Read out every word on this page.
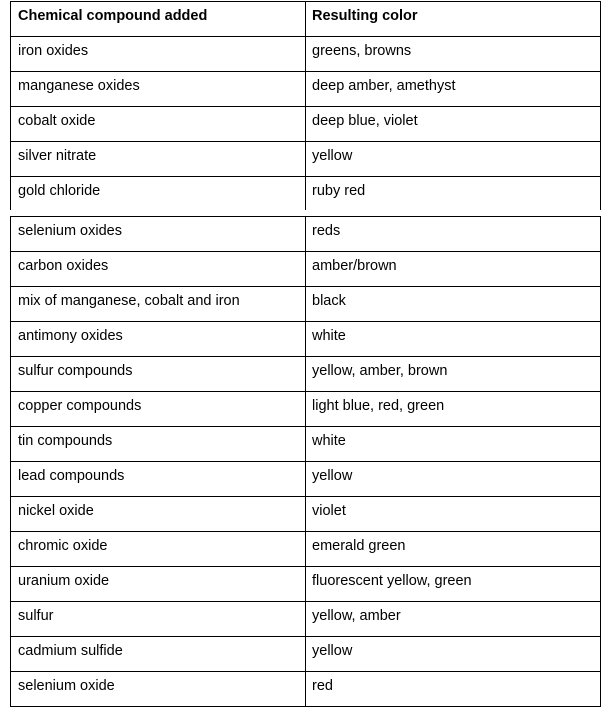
Chemical compound added	Resulting color
iron oxides	greens, browns
manganese oxides	deep amber, amethyst
cobalt oxide	deep blue, violet
silver nitrate	yellow
gold chloride	ruby red
selenium oxides	reds
carbon oxides	amber/brown
mix of manganese, cobalt and iron	black
antimony oxides	white
sulfur compounds	yellow, amber, brown
copper compounds	light blue, red, green
tin compounds	white
lead compounds	yellow
nickel oxide	violet
chromic oxide	emerald green
uranium oxide	fluorescent yellow, green
sulfur	yellow, amber
cadmium sulfide	yellow
selenium oxide	red
